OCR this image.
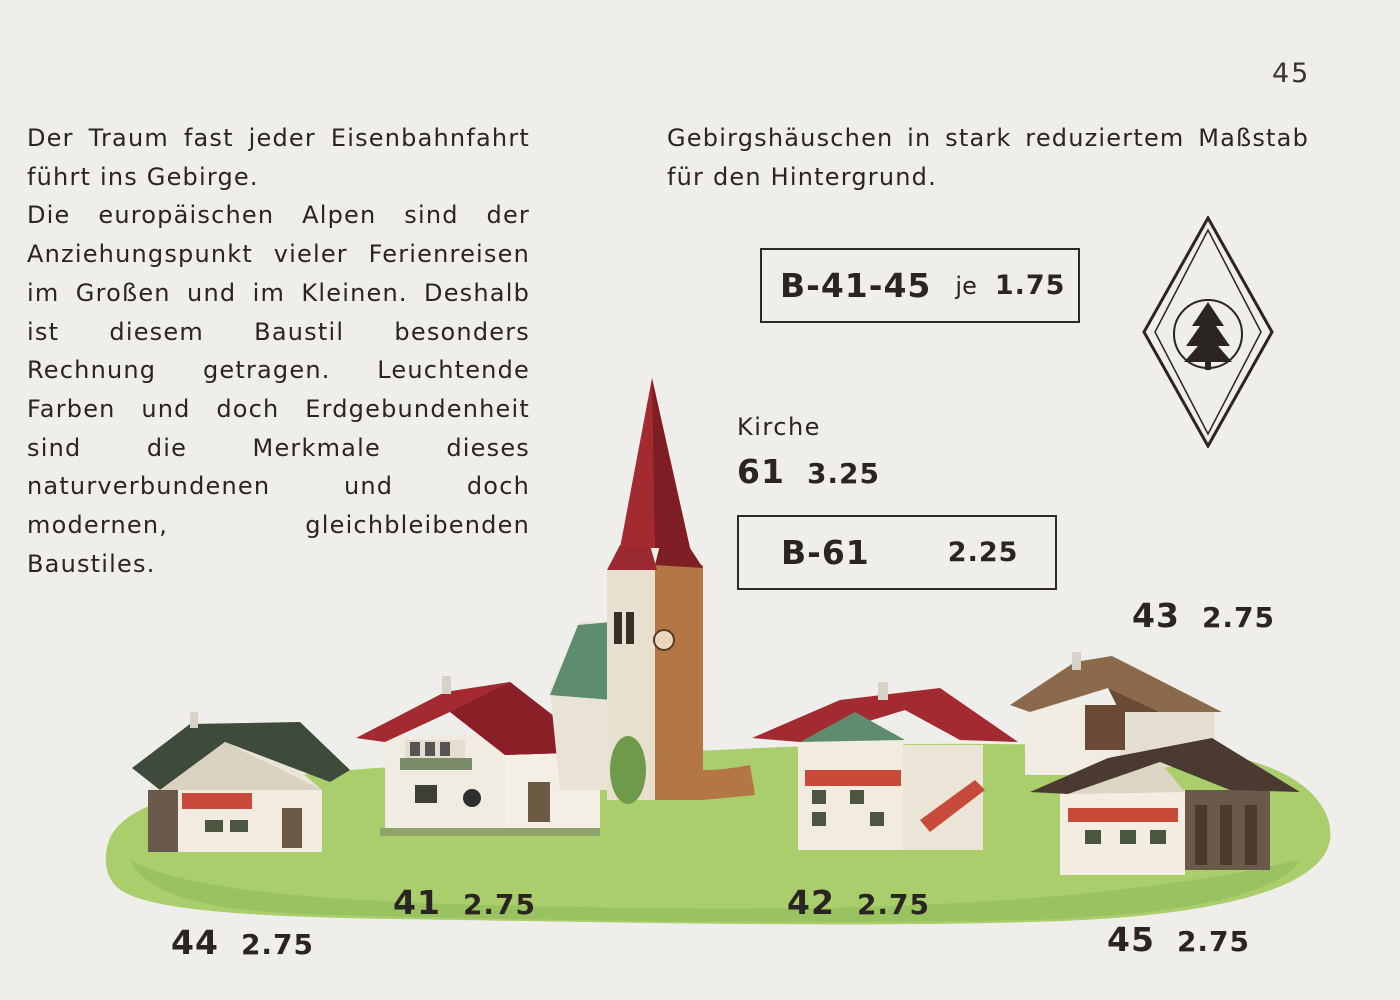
45

Der Traum fast jeder Eisenbahnfahrt führt ins Gebirge.

Die europäischen Alpen sind der Anziehungspunkt vieler Ferienreisen im Großen und im Kleinen. Deshalb ist diesem Baustil besonders Rechnung getragen. Leuchtende Farben und doch Erdgebundenheit sind die Merkmale dieses naturverbundenen und doch modernen, gleichbleibenden Baustiles.

Gebirgshäuschen in stark reduziertem Maßstab für den Hintergrund.
B-41-45 je 1.75
Kirche
61 3.25
B-61	2.25
43 2.75
41 2.75	42 2.75
44 2.75	45 2.75
